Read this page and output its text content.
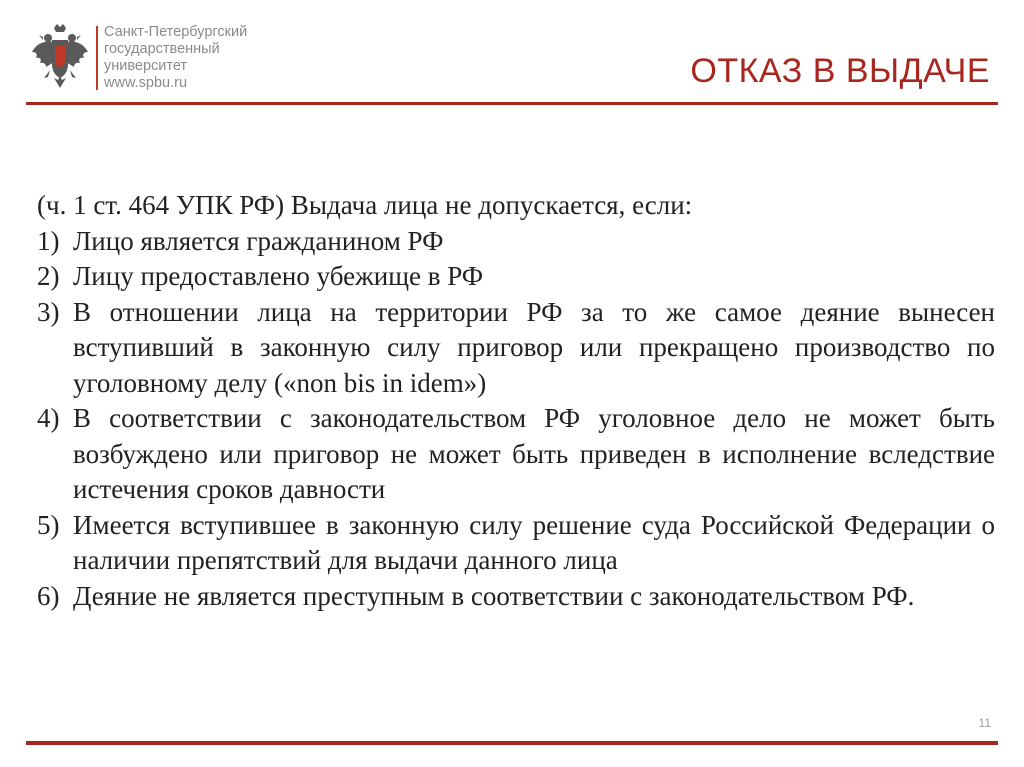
Санкт-Петербургский
государственный
университет
www.spbu.ru	ОТКАЗ В ВЫДАЧЕ

(ч. 1 ст. 464 УПК РФ) Выдача лица не допускается, если:

1) Лицо является гражданином РФ
2) Лицу предоставлено убежище в РФ
3) В отношении лица на территории РФ за то же самое деяние вынесен вступивший в законную силу приговор или прекращено производство по уголовному делу («non bis in idem»)
4) В соответствии с законодательством РФ уголовное дело не может быть возбуждено или приговор не может быть приведен в исполнение вследствие истечения сроков давности
5) Имеется вступившее в законную силу решение суда Российской Федерации о наличии препятствий для выдачи данного лица
6) Деяние не является преступным в соответствии с законодательством РФ.
11
